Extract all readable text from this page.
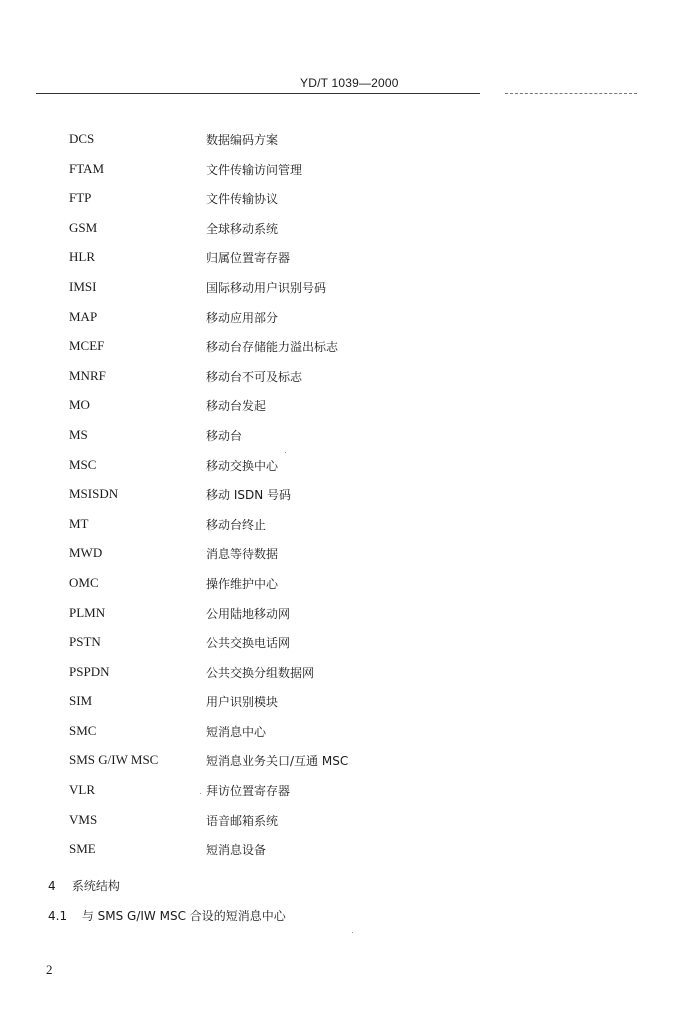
YD/T 1039—2000
DCS	数据编码方案
FTAM	文件传输访问管理
FTP	文件传输协议
GSM	全球移动系统
HLR	归属位置寄存器
IMSI	国际移动用户识别号码
MAP	移动应用部分
MCEF	移动台存储能力溢出标志
MNRF	移动台不可及标志
MO	移动台发起
MS	移动台
MSC	移动交换中心
MSISDN	移动 ISDN 号码
MT	移动台终止
MWD	消息等待数据
OMC	操作维护中心
PLMN	公用陆地移动网
PSTN	公共交换电话网
PSPDN	公共交换分组数据网
SIM	用户识别模块
SMC	短消息中心
SMS G/IW MSC	短消息业务关口/互通 MSC
VLR	拜访位置寄存器
VMS	语音邮箱系统
SME	短消息设备
4 系统结构
4.1 与 SMS G/IW MSC 合设的短消息中心
2
